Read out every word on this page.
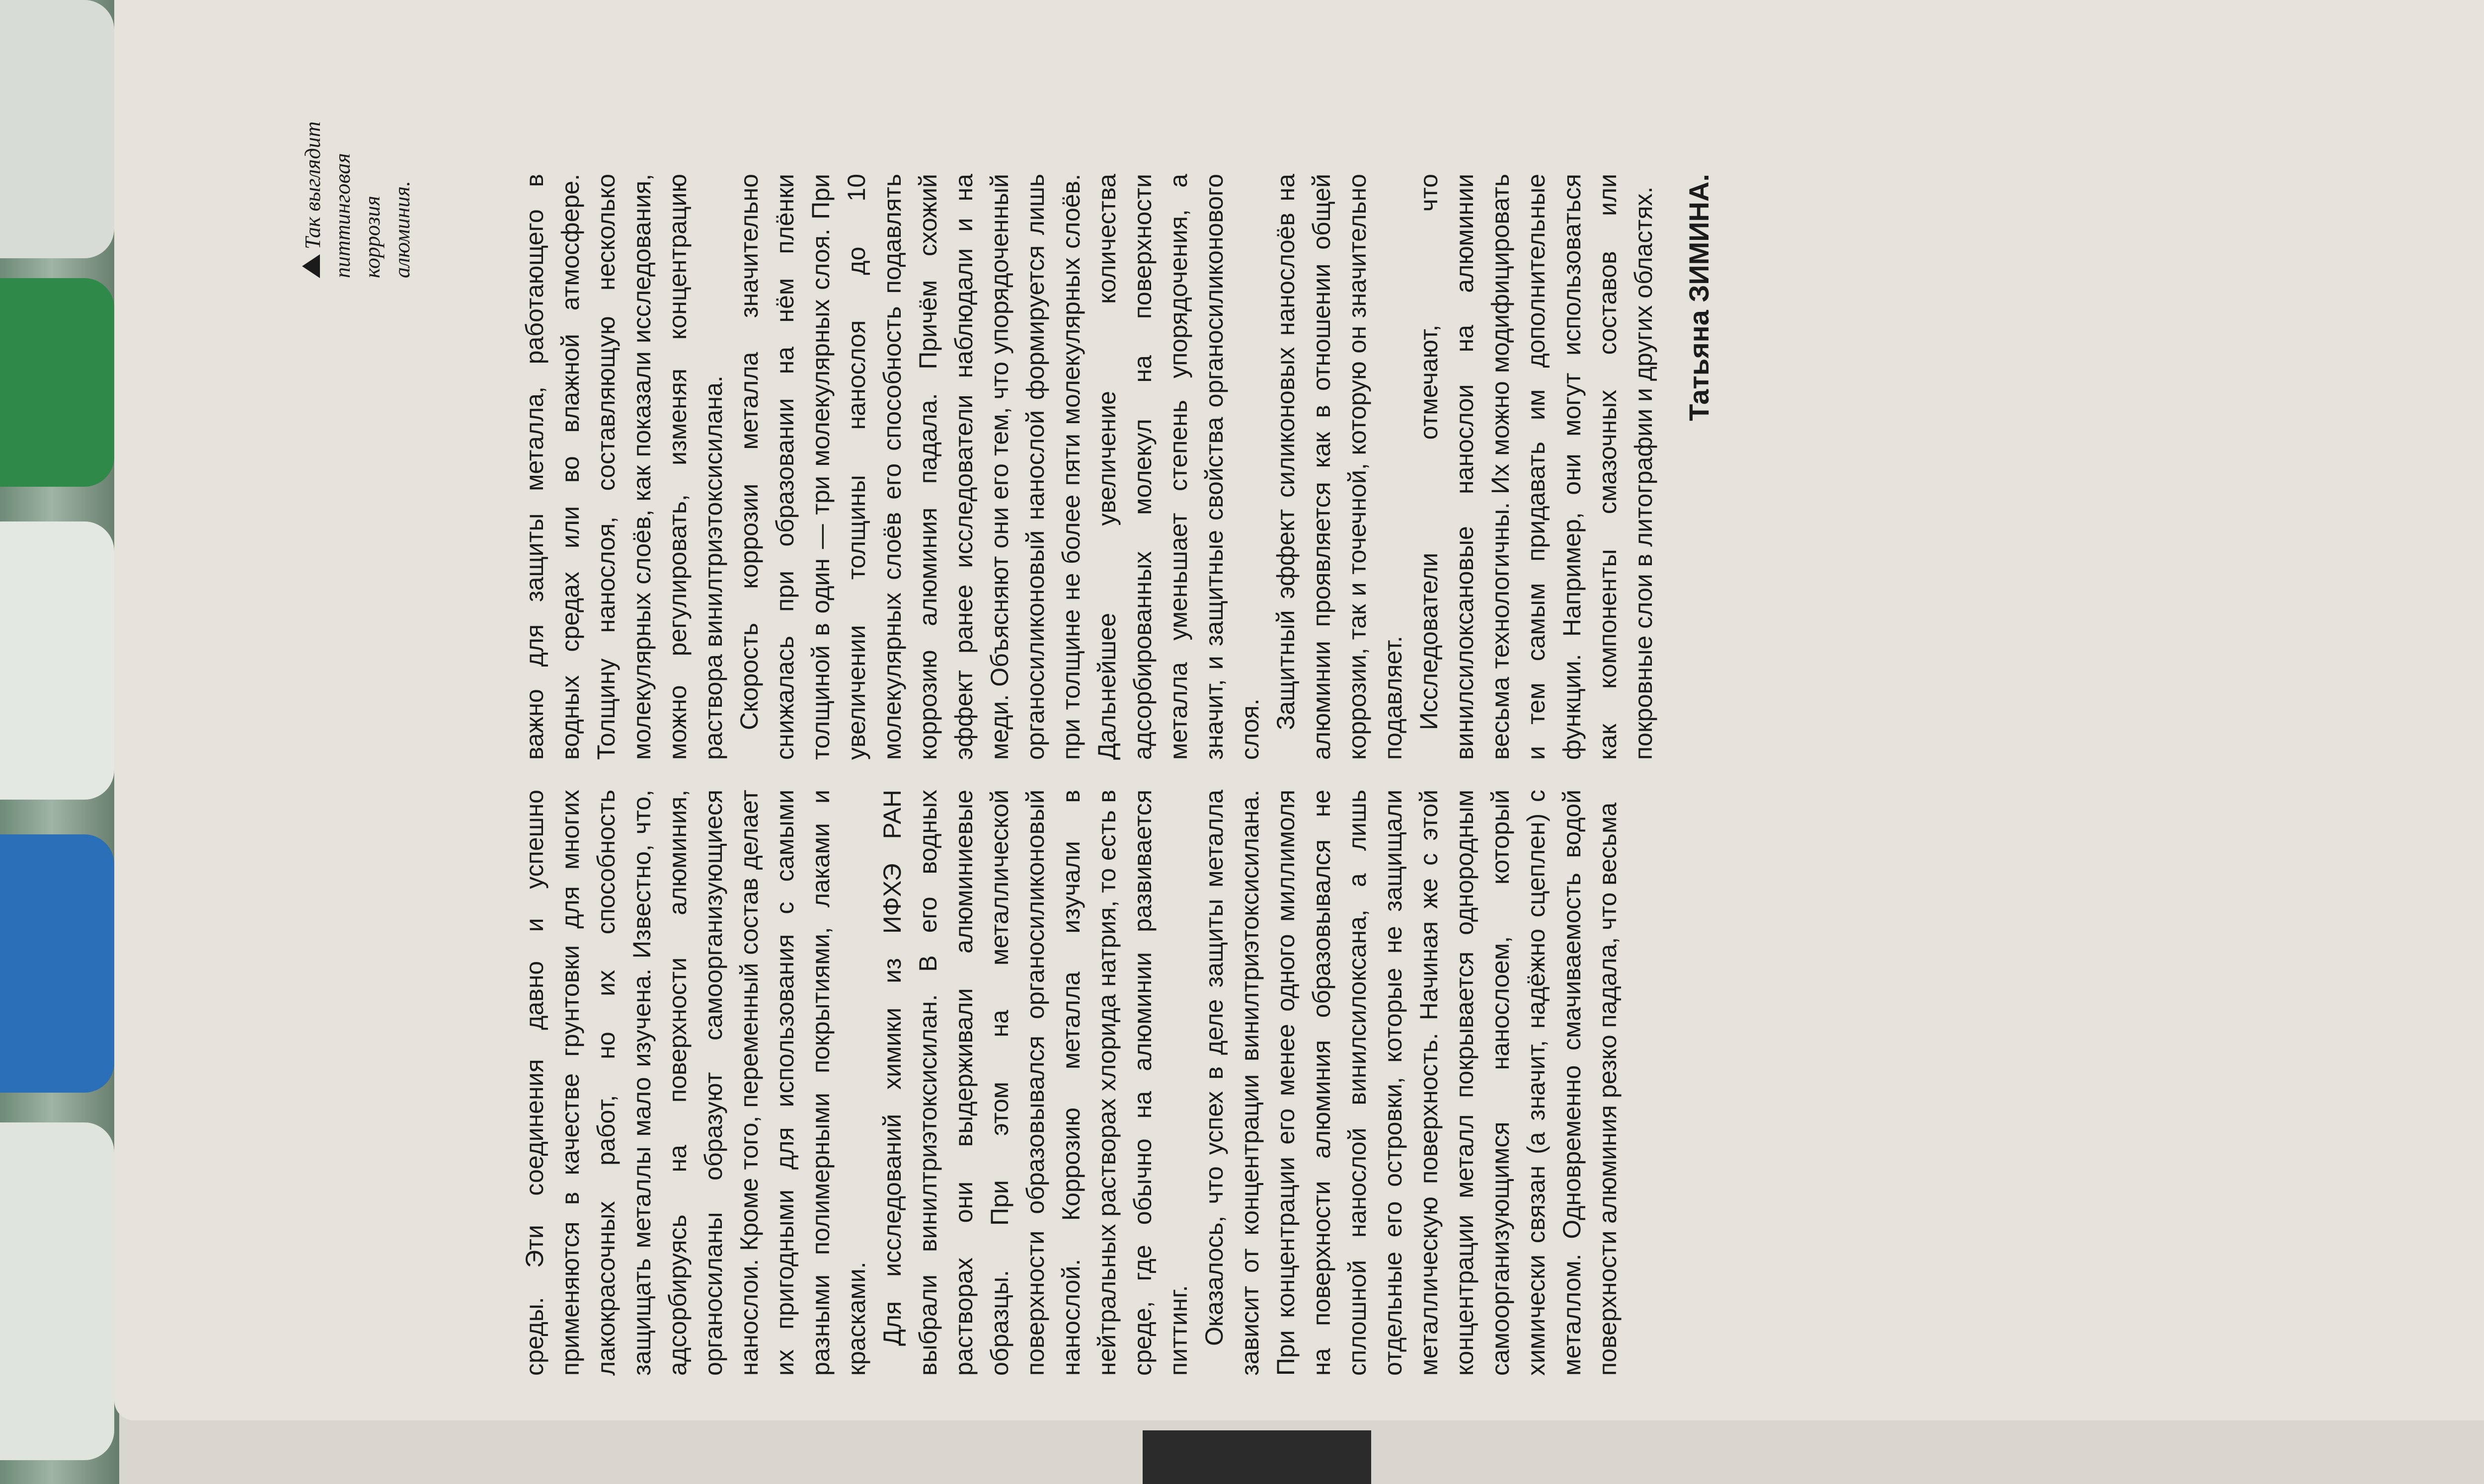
Так выглядит питтинговая коррозия алюминия.

среды. Эти соединения давно и успешно применяются в качестве грунтовки для многих лакокрасочных работ, но их способность защищать металлы мало изучена. Известно, что, адсорбируясь на поверхности алюминия, органосиланы образуют самоорганизующиеся нанослои. Кроме того, переменный состав делает их пригодными для использования с самыми разными полимерными покрытиями, лаками и красками. Для исследований химики из ИФХЭ РАН выбрали винилтриэтоксисилан. В его водных растворах они выдерживали алюминиевые образцы. При этом на металлической поверхности образовывался органосиликоновый нанослой. Коррозию металла изучали в нейтральных растворах хлорида натрия, то есть в среде, где обычно на алюминии развивается питтинг. Оказалось, что успех в деле защиты металла зависит от концентрации винилтриэтоксисилана. При концентрации его менее одного миллимоля на поверхности алюминия образовывался не сплошной нанослой винилсилоксана, а лишь отдельные его островки, которые не защищали металлическую поверхность. Начиная же с этой концентрации металл покрывается однородным самоорганизующимся нанослоем, который химически связан (а значит, надёжно сцеплен) с металлом. Одновременно смачиваемость водой поверхности алюминия резко падала, что весьма

важно для защиты металла, работающего в водных средах или во влажной атмосфере. Толщину нанослоя, составляющую несколько молекулярных слоёв, как показали исследования, можно регулировать, изменяя концентрацию раствора винилтриэтоксисилана. Скорость коррозии металла значительно снижалась при образовании на нём плёнки толщиной в один — три молекулярных слоя. При увеличении толщины нанослоя до 10 молекулярных слоёв его способность подавлять коррозию алюминия падала. Причём схожий эффект ранее исследователи наблюдали и на меди. Объясняют они его тем, что упорядоченный органосиликоновый нанослой формируется лишь при толщине не более пяти молекулярных слоёв. Дальнейшее увеличение количества адсорбированных молекул на поверхности металла уменьшает степень упорядочения, а значит, и защитные свойства органосиликонового слоя. Защитный эффект силиконовых нанослоёв на алюминии проявляется как в отношении общей коррозии, так и точечной, которую он значительно подавляет. Исследователи отмечают, что винилсилоксановые нанослои на алюминии весьма технологичны. Их можно модифицировать и тем самым придавать им дополнительные функции. Например, они могут использоваться как компоненты смазочных составов или покровные слои в литографии и других областях. Татьяна ЗИМИНА.
